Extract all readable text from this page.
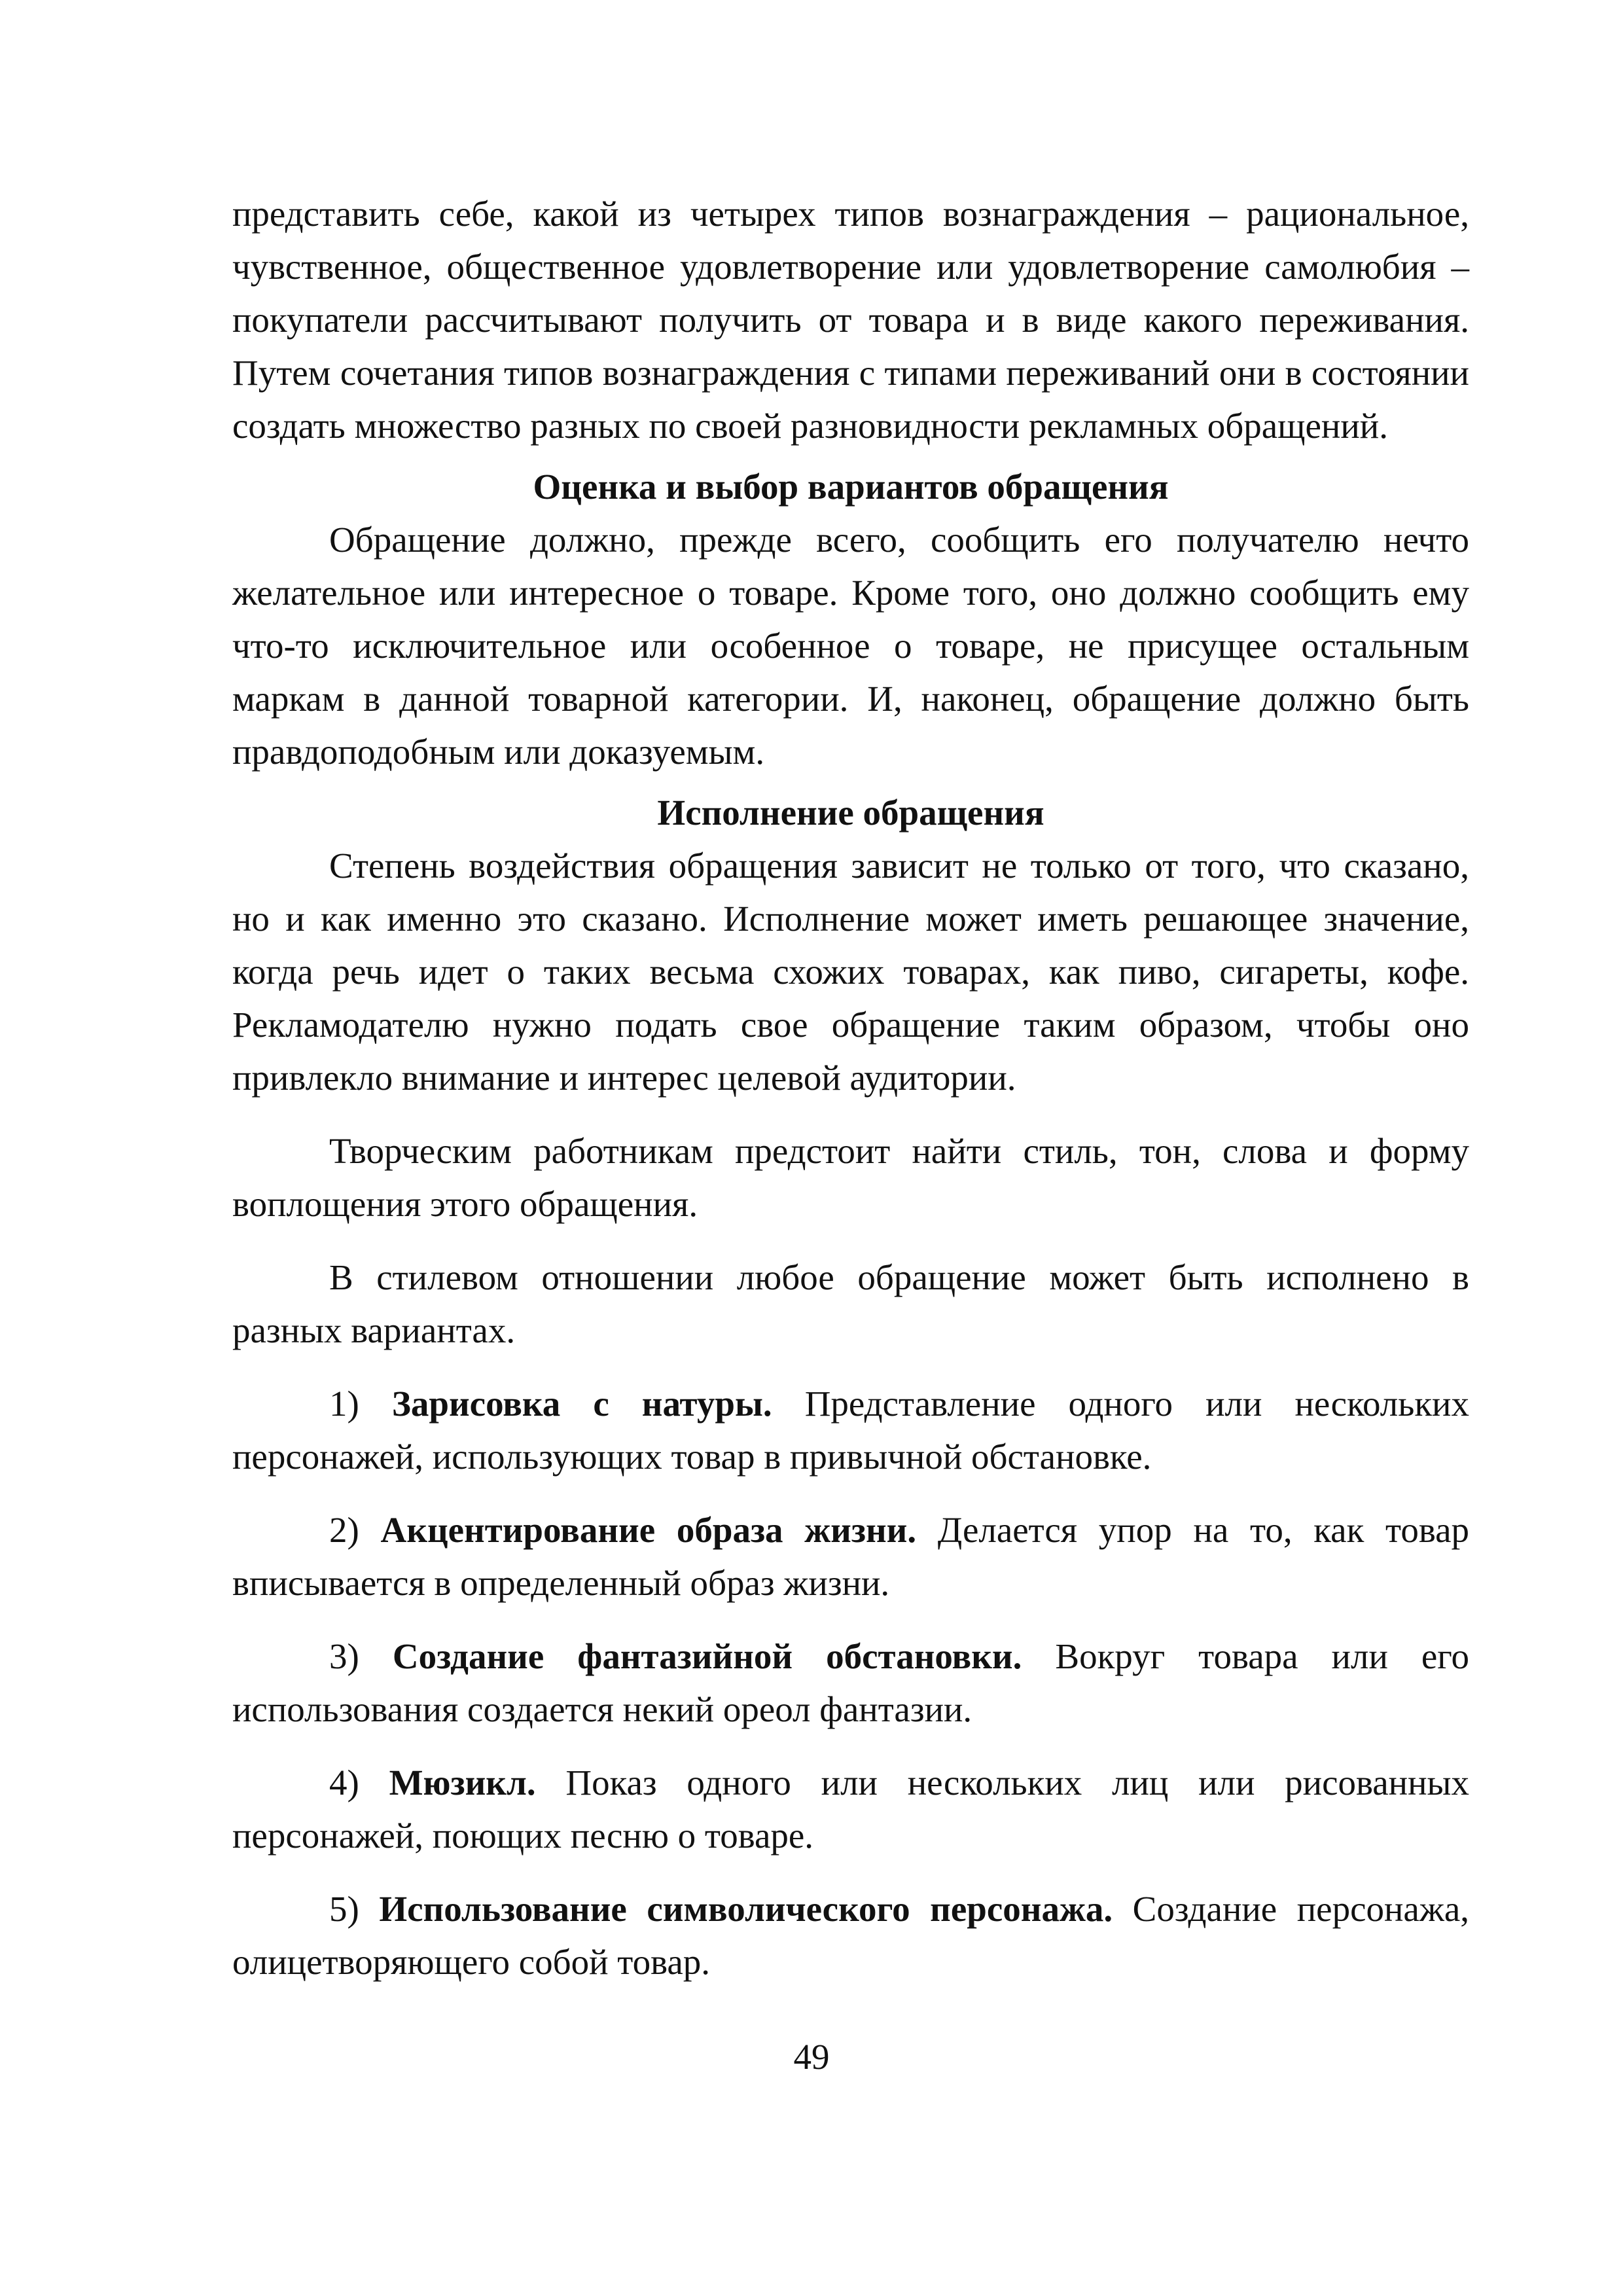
представить себе, какой из четырех типов вознаграждения – рациональное, чувственное, общественное удовлетворение или удовлетворение самолюбия – покупатели рассчитывают получить от товара и в виде какого переживания. Путем сочетания типов вознаграждения с типами переживаний они в состоянии создать множество разных по своей разновидности рекламных обращений.

Оценка и выбор вариантов обращения

Обращение должно, прежде всего, сообщить его получателю нечто желательное или интересное о товаре. Кроме того, оно должно сообщить ему что-то исключительное или особенное о товаре, не присущее остальным маркам в данной товарной категории. И, наконец, обращение должно быть правдоподобным или доказуемым.

Исполнение обращения

Степень воздействия обращения зависит не только от того, что сказано, но и как именно это сказано. Исполнение может иметь решающее значение, когда речь идет о таких весьма схожих товарах, как пиво, сигареты, кофе. Рекламодателю нужно подать свое обращение таким образом, чтобы оно привлекло внимание и интерес целевой аудитории.

Творческим работникам предстоит найти стиль, тон, слова и форму воплощения этого обращения.

В стилевом отношении любое обращение может быть исполнено в разных вариантах.

1) Зарисовка с натуры. Представление одного или нескольких персонажей, использующих товар в привычной обстановке.

2) Акцентирование образа жизни. Делается упор на то, как товар вписывается в определенный образ жизни.

3) Создание фантазийной обстановки. Вокруг товара или его использования создается некий ореол фантазии.

4) Мюзикл. Показ одного или нескольких лиц или рисованных персонажей, поющих песню о товаре.

5) Использование символического персонажа. Создание персонажа, олицетворяющего собой товар.

49
